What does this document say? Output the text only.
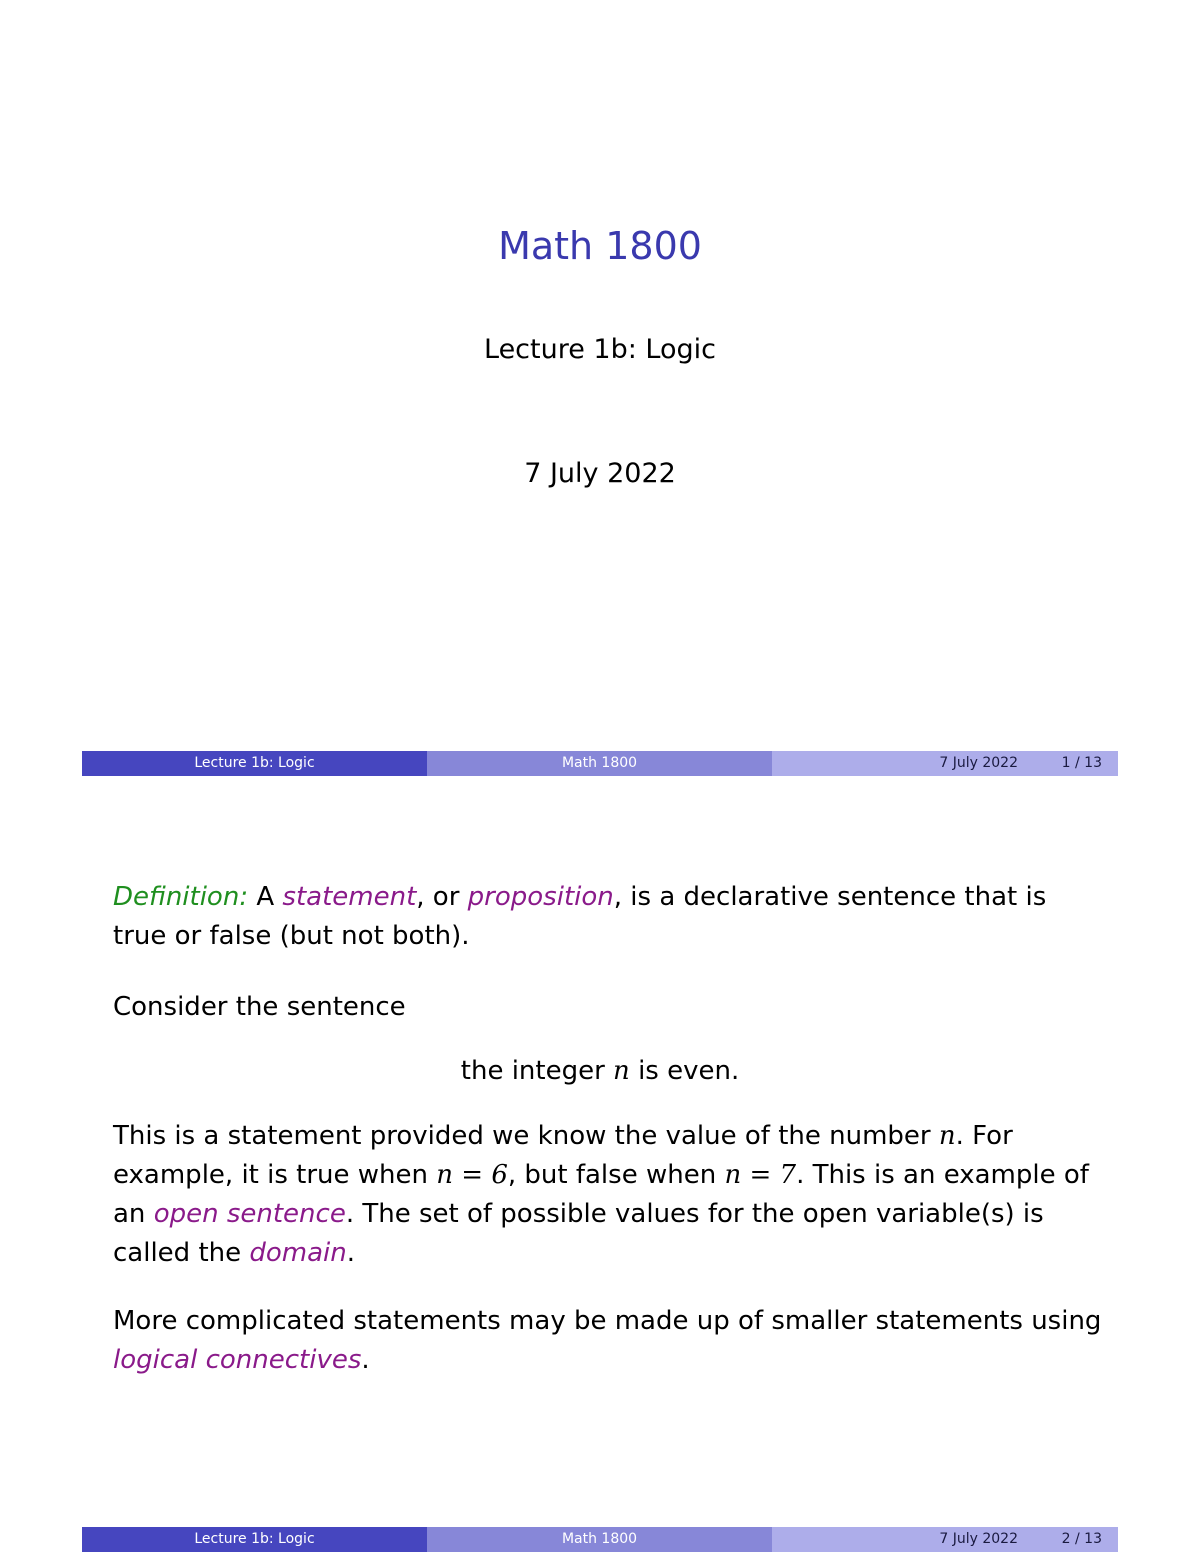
Math 1800
Lecture 1b: Logic
7 July 2022
Lecture 1b: Logic	Math 1800	7 July 2022	1 / 13
Definition: A statement, or proposition, is a declarative sentence that is true or false (but not both).
Consider the sentence
the integer n is even.
This is a statement provided we know the value of the number n. For example, it is true when n = 6, but false when n = 7. This is an example of an open sentence. The set of possible values for the open variable(s) is called the domain.
More complicated statements may be made up of smaller statements using logical connectives.
Lecture 1b: Logic	Math 1800	7 July 2022	2 / 13
